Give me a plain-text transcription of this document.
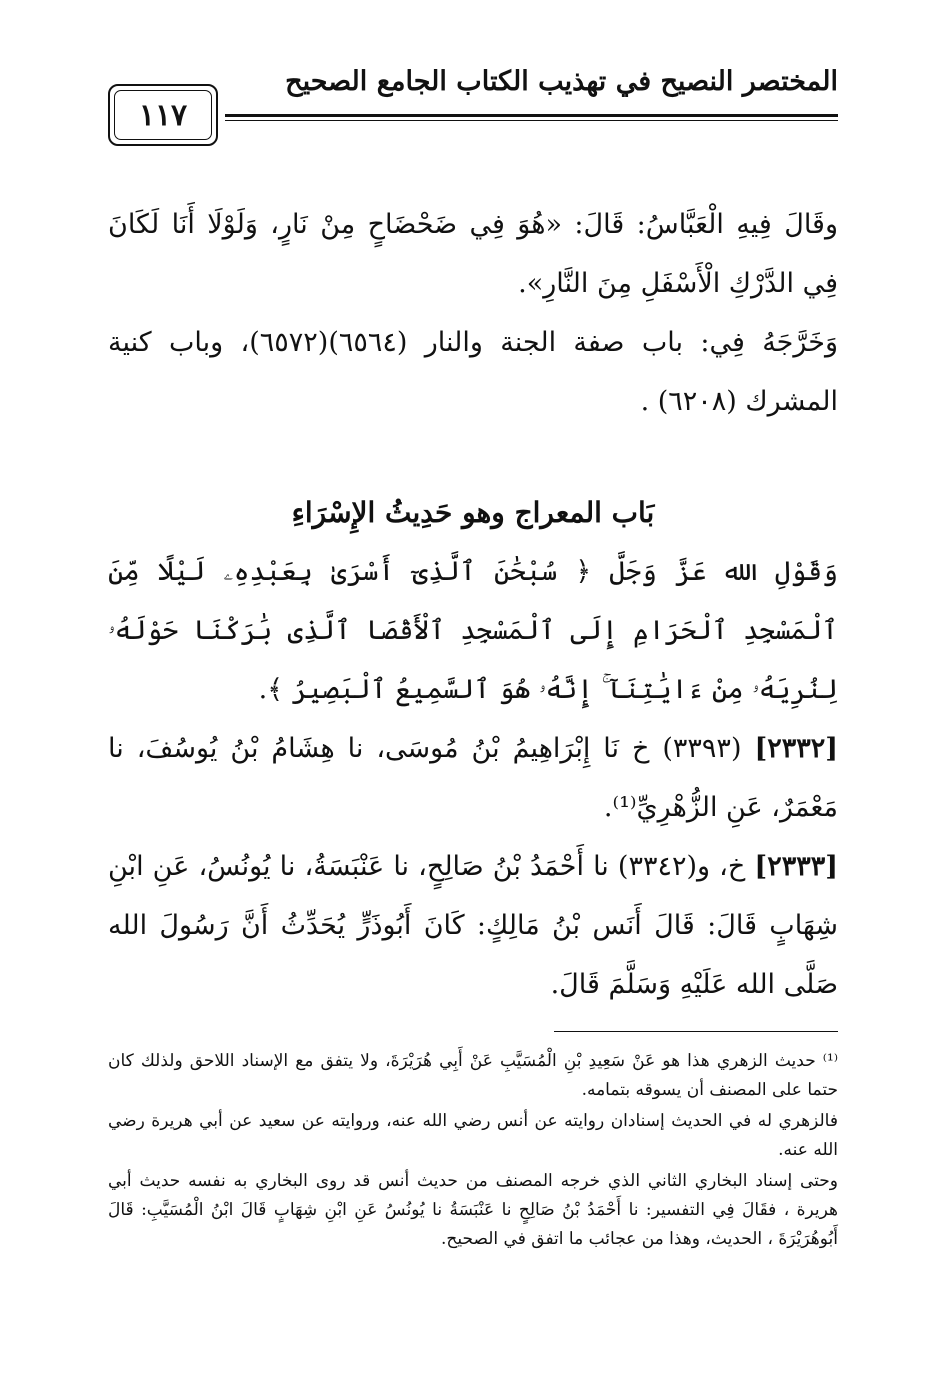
المختصر النصيح في تهذيب الكتاب الجامع الصحيح
١١٧

وقَالَ فِيهِ الْعَبَّاسُ: قَالَ: «هُوَ فِي ضَحْضَاحٍ مِنْ نَارٍ، وَلَوْلَا أَنَا لَكَانَ فِي الدَّرْكِ الْأَسْفَلِ مِنَ النَّارِ».

وَخَرَّجَهُ فِي: باب صفة الجنة والنار (٦٥٦٤)(٦٥٧٢)، وباب كنية المشرك (٦٢٠٨) .

بَاب المعراج وهو حَدِيثُ الإِسْرَاءِ

وَقَوْلِ الله عَزَّ وَجَلَّ ﴿ سُبْحَٰنَ ٱلَّذِىٓ أَسْرَىٰ بِعَبْدِهِۦ لَيْلًا مِّنَ ٱلْمَسْجِدِ ٱلْحَرَامِ إِلَى ٱلْمَسْجِدِ ٱلْأَقْصَا ٱلَّذِى بَٰرَكْنَا حَوْلَهُۥ لِنُرِيَهُۥ مِنْ ءَايَٰتِنَآ ۚ إِنَّهُۥ هُوَ ٱلسَّمِيعُ ٱلْبَصِيرُ ﴾.

[٢٣٣٢] (٣٣٩٣) خ نَا إِبْرَاهِيمُ بْنُ مُوسَى، نا هِشَامُ بْنُ يُوسُفَ، نا مَعْمَرٌ، عَنِ الزُّهْرِيِّ⁽¹⁾.

[٢٣٣٣] خ، و(٣٣٤٢) نا أَحْمَدُ بْنُ صَالِحٍ، نا عَنْبَسَةُ، نا يُونُسُ، عَنِ ابْنِ شِهَابٍ قَالَ: قَالَ أَنَس بْنُ مَالِكٍ: كَانَ أَبُوذَرٍّ يُحَدِّثُ أَنَّ رَسُولَ الله صَلَّى الله عَلَيْهِ وَسَلَّمَ قَالَ.

⁽¹⁾ حديث الزهري هذا هو عَنْ سَعِيدِ بْنِ الْمُسَيَّبِ عَنْ أَبِي هُرَيْرَةَ، ولا يتفق مع الإسناد اللاحق ولذلك كان حتما على المصنف أن يسوقه بتمامه.

فالزهري له في الحديث إسنادان روايته عن أنس رضي الله عنه، وروايته عن سعيد عن أبي هريرة رضي الله عنه.

وحتى إسناد البخاري الثاني الذي خرجه المصنف من حديث أنس قد روى البخاري به نفسه حديث أبي هريرة ، فقَالَ فِي التفسير: نا أَحْمَدُ بْنُ صَالِحٍ نا عَنْبَسَةُ نا يُونُسُ عَنِ ابْنِ شِهَابٍ قَالَ ابْنُ الْمُسَيَّبِ: قَالَ أَبُوهُرَيْرَةَ ، الحديث، وهذا من عجائب ما اتفق في الصحيح.
